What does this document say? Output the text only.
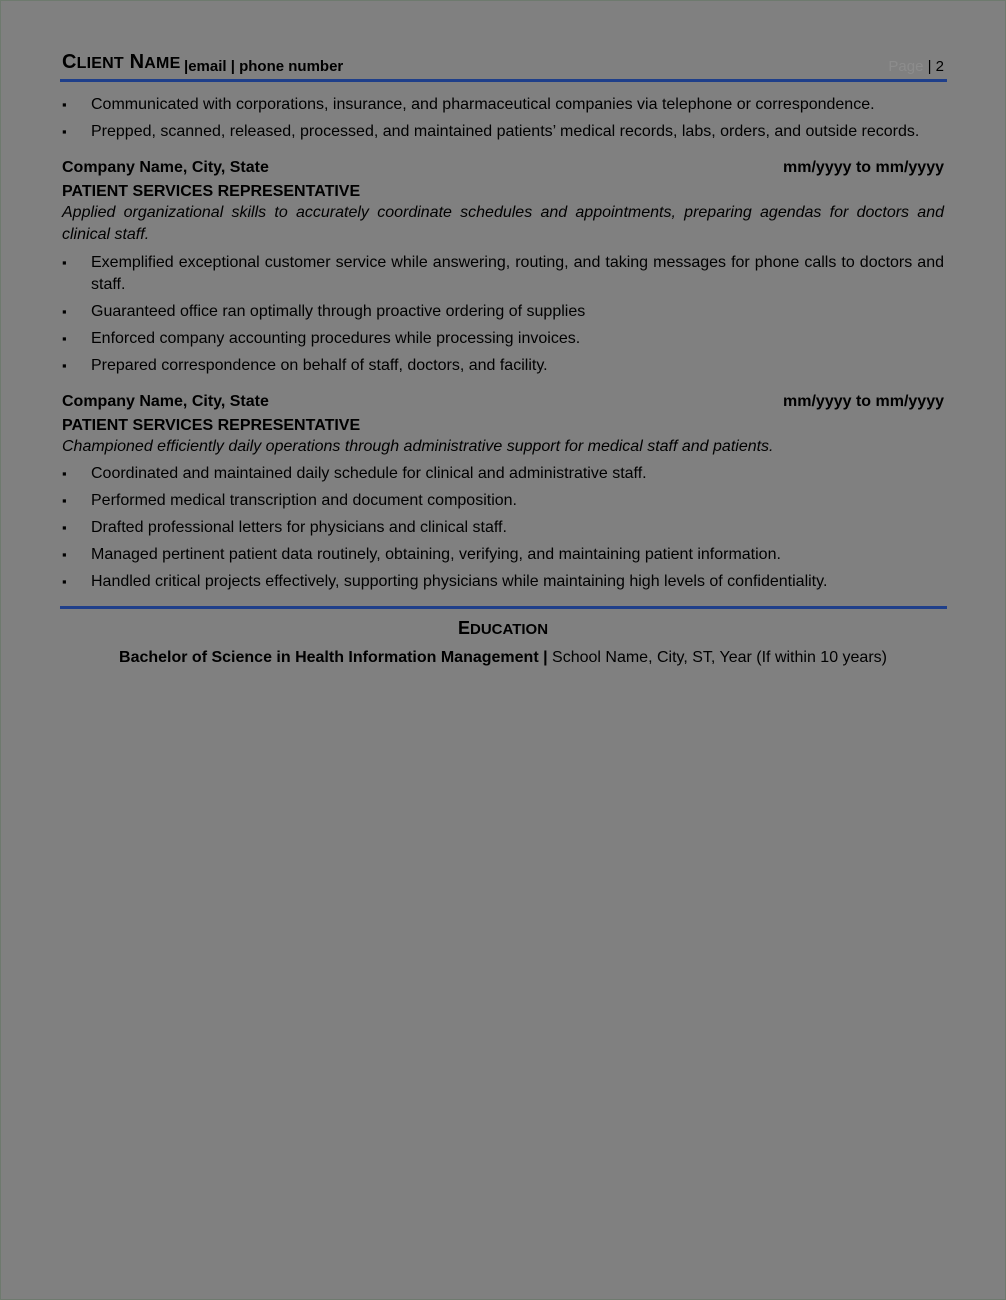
CLIENT NAME |email | phone number	Page | 2
▪ Communicated with corporations, insurance, and pharmaceutical companies via telephone or correspondence.
▪ Prepped, scanned, released, processed, and maintained patients’ medical records, labs, orders, and outside records.
Company Name, City, State	mm/yyyy to mm/yyyy
PATIENT SERVICES REPRESENTATIVE
Applied organizational skills to accurately coordinate schedules and appointments, preparing agendas for doctors and clinical staff.
▪ Exemplified exceptional customer service while answering, routing, and taking messages for phone calls to doctors and staff.
▪ Guaranteed office ran optimally through proactive ordering of supplies
▪ Enforced company accounting procedures while processing invoices.
▪ Prepared correspondence on behalf of staff, doctors, and facility.
Company Name, City, State	mm/yyyy to mm/yyyy
PATIENT SERVICES REPRESENTATIVE
Championed efficiently daily operations through administrative support for medical staff and patients.
▪ Coordinated and maintained daily schedule for clinical and administrative staff.
▪ Performed medical transcription and document composition.
▪ Drafted professional letters for physicians and clinical staff.
▪ Managed pertinent patient data routinely, obtaining, verifying, and maintaining patient information.
▪ Handled critical projects effectively, supporting physicians while maintaining high levels of confidentiality.
EDUCATION
Bachelor of Science in Health Information Management | School Name, City, ST, Year (If within 10 years)
